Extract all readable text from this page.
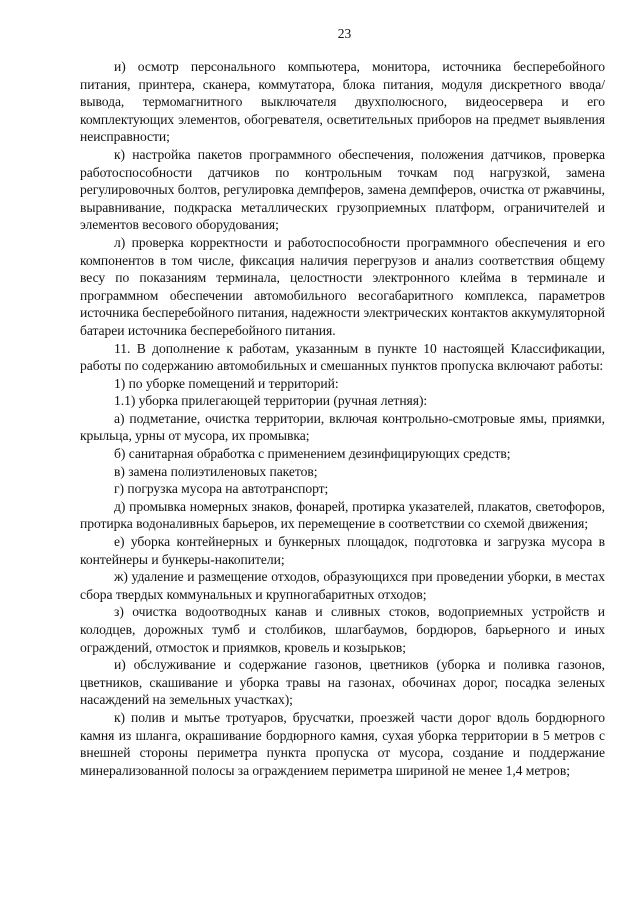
23

и) осмотр персонального компьютера, монитора, источника бесперебойного питания, принтера, сканера, коммутатора, блока питания, модуля дискретного ввода/вывода, термомагнитного выключателя двухполюсного, видеосервера и его комплектующих элементов, обогревателя, осветительных приборов на предмет выявления неисправности;

к) настройка пакетов программного обеспечения, положения датчиков, проверка работоспособности датчиков по контрольным точкам под нагрузкой, замена регулировочных болтов, регулировка демпферов, замена демпферов, очистка от ржавчины, выравнивание, подкраска металлических грузоприемных платформ, ограничителей и элементов весового оборудования;

л) проверка корректности и работоспособности программного обеспечения и его компонентов в том числе, фиксация наличия перегрузов и анализ соответствия общему весу по показаниям терминала, целостности электронного клейма в терминале и программном обеспечении автомобильного весогабаритного комплекса, параметров источника бесперебойного питания, надежности электрических контактов аккумуляторной батареи источника бесперебойного питания.

11. В дополнение к работам, указанным в пункте 10 настоящей Классификации, работы по содержанию автомобильных и смешанных пунктов пропуска включают работы:

1) по уборке помещений и территорий:

1.1) уборка прилегающей территории (ручная летняя):

а) подметание, очистка территории, включая контрольно-смотровые ямы, приямки, крыльца, урны от мусора, их промывка;

б) санитарная обработка с применением дезинфицирующих средств;

в) замена полиэтиленовых пакетов;

г) погрузка мусора на автотранспорт;

д) промывка номерных знаков, фонарей, протирка указателей, плакатов, светофоров, протирка водоналивных барьеров, их перемещение в соответствии со схемой движения;

е) уборка контейнерных и бункерных площадок, подготовка и загрузка мусора в контейнеры и бункеры-накопители;

ж) удаление и размещение отходов, образующихся при проведении уборки, в местах сбора твердых коммунальных и крупногабаритных отходов;

з) очистка водоотводных канав и сливных стоков, водоприемных устройств и колодцев, дорожных тумб и столбиков, шлагбаумов, бордюров, барьерного и иных ограждений, отмосток и приямков, кровель и козырьков;

и) обслуживание и содержание газонов, цветников (уборка и поливка газонов, цветников, скашивание и уборка травы на газонах, обочинах дорог, посадка зеленых насаждений на земельных участках);

к) полив и мытье тротуаров, брусчатки, проезжей части дорог вдоль бордюрного камня из шланга, окрашивание бордюрного камня, сухая уборка территории в 5 метров с внешней стороны периметра пункта пропуска от мусора, создание и поддержание минерализованной полосы за ограждением периметра шириной не менее 1,4 метров;
